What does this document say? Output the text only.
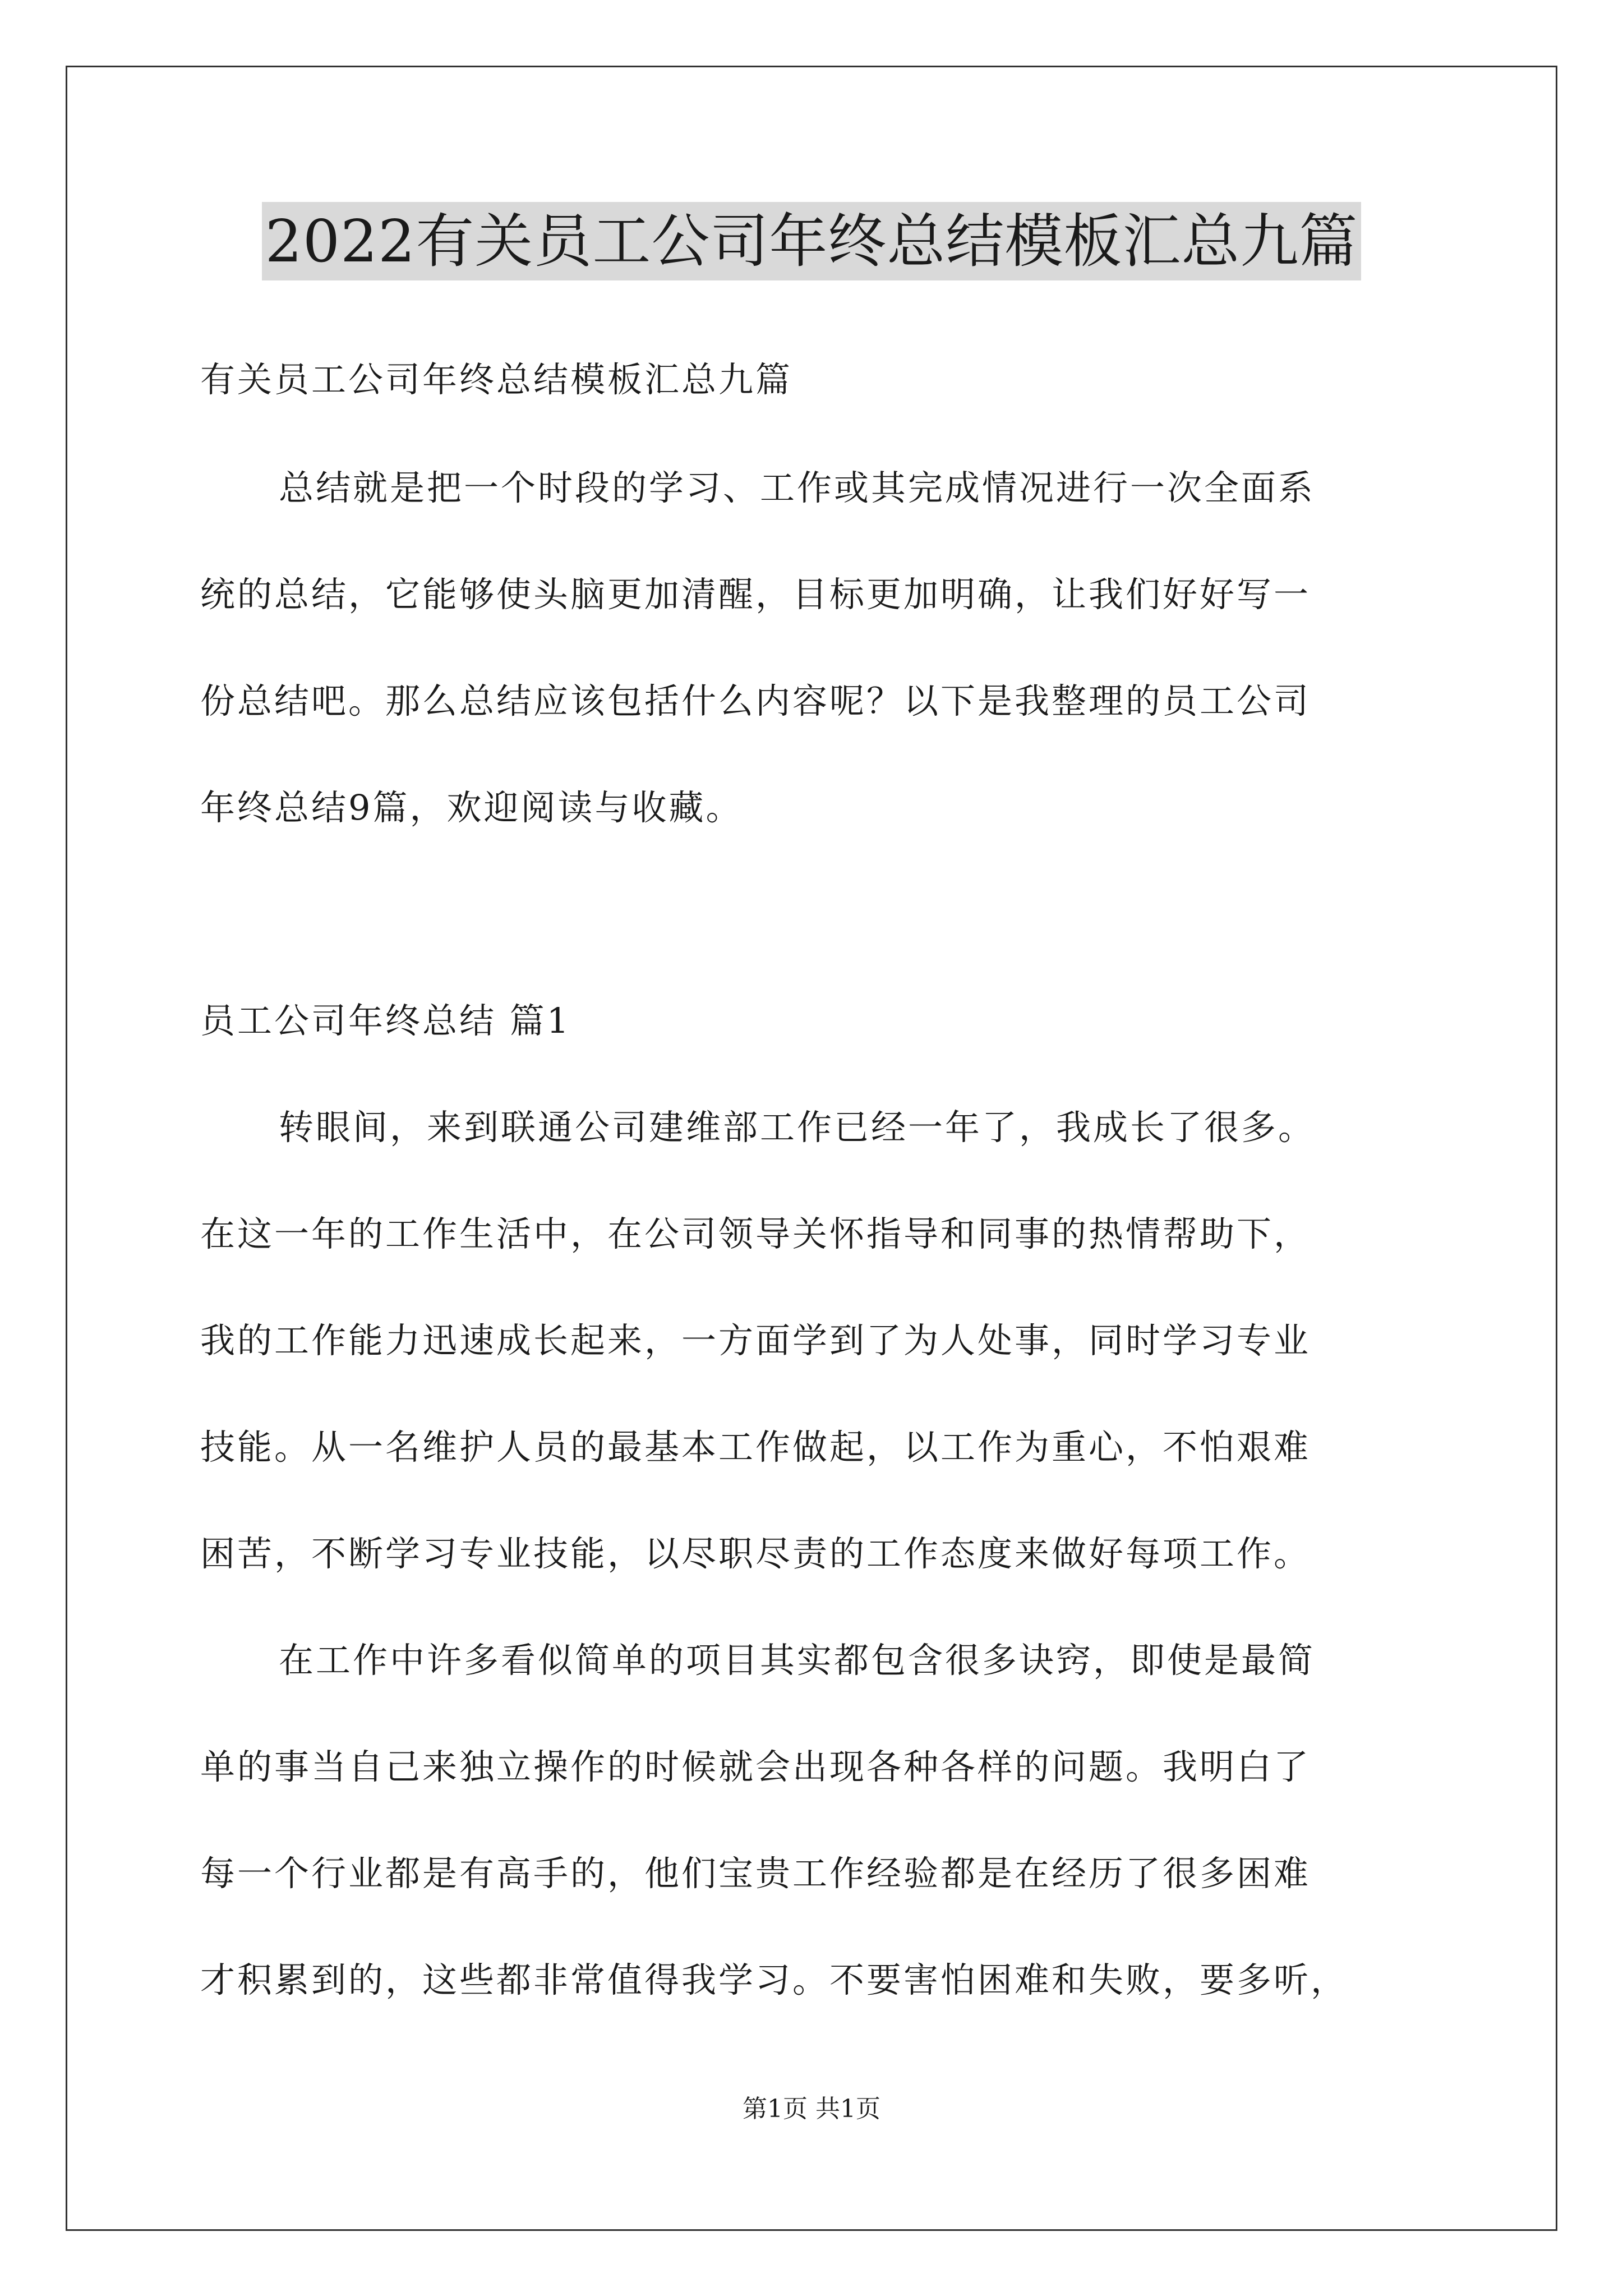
2022有关员工公司年终总结模板汇总九篇
有关员工公司年终总结模板汇总九篇
总结就是把一个时段的学习、工作或其完成情况进行一次全面系
统的总结，它能够使头脑更加清醒，目标更加明确，让我们好好写一
份总结吧。那么总结应该包括什么内容呢？以下是我整理的员工公司
年终总结9篇，欢迎阅读与收藏。
员工公司年终总结 篇1
转眼间，来到联通公司建维部工作已经一年了，我成长了很多。
在这一年的工作生活中，在公司领导关怀指导和同事的热情帮助下，
我的工作能力迅速成长起来，一方面学到了为人处事，同时学习专业
技能。从一名维护人员的最基本工作做起，以工作为重心，不怕艰难
困苦，不断学习专业技能，以尽职尽责的工作态度来做好每项工作。
在工作中许多看似简单的项目其实都包含很多诀窍，即使是最简
单的事当自己来独立操作的时候就会出现各种各样的问题。我明白了
每一个行业都是有高手的，他们宝贵工作经验都是在经历了很多困难
才积累到的，这些都非常值得我学习。不要害怕困难和失败，要多听，
第1页 共1页
